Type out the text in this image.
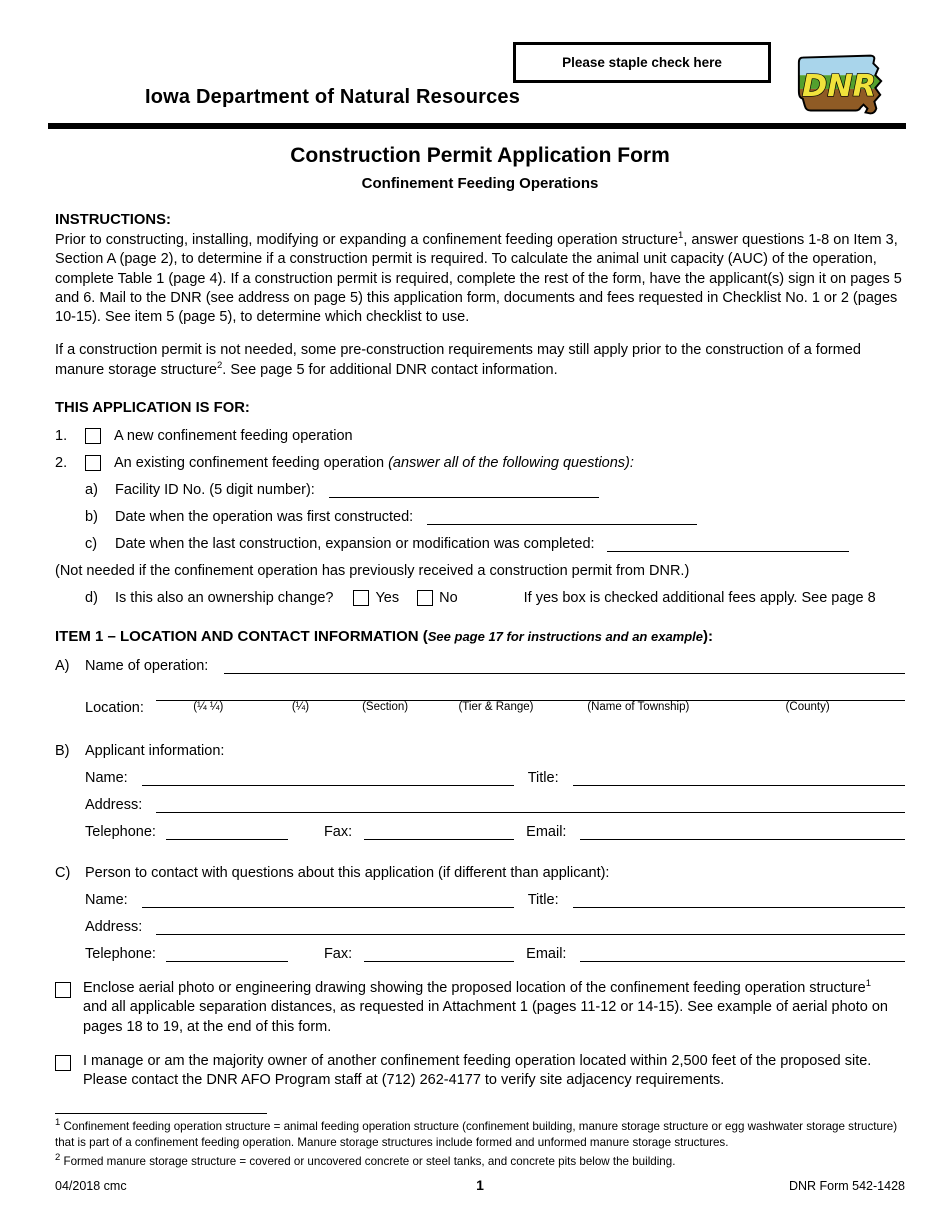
Please staple check here
Iowa Department of Natural Resources	DNR
Construction Permit Application Form
Confinement Feeding Operations
INSTRUCTIONS:

Prior to constructing, installing, modifying or expanding a confinement feeding operation structure$^1$, answer questions 1-8 on Item 3, Section A (page 2), to determine if a construction permit is required. To calculate the animal unit capacity (AUC) of the operation, complete Table 1 (page 4). If a construction permit is required, complete the rest of the form, have the applicant(s) sign it on pages 5 and 6. Mail to the DNR (see address on page 5) this application form, documents and fees requested in Checklist No. 1 or 2 (pages 10-15). See item 5 (page 5), to determine which checklist to use.

If a construction permit is not needed, some pre-construction requirements may still apply prior to the construction of a formed manure storage structure$^2$. See page 5 for additional DNR contact information.

THIS APPLICATION IS FOR:
1.	A new confinement feeding operation
2.	An existing confinement feeding operation (answer all of the following questions):
a)	Facility ID No. (5 digit number):
b)	Date when the operation was first constructed:
c)	Date when the last construction, expansion or modification was completed:
(Not needed if the confinement operation has previously received a construction permit from DNR.)
d)	Is this also an ownership change?	Yes	No	If yes box is checked additional fees apply. See page 8
ITEM 1 – LOCATION AND CONTACT INFORMATION (See page 17 for instructions and an example):
A)	Name of operation:
Location:	(¼ ¼)	(¼)	(Section)	(Tier & Range)	(Name of Township)	(County)
B)	Applicant information:
Name:	Title:
Address:
Telephone:	Fax:	Email:
C)	Person to contact with questions about this application (if different than applicant):
Name:	Title:
Address:
Telephone:	Fax:	Email:
Enclose aerial photo or engineering drawing showing the proposed location of the confinement feeding operation structure$^1$ and all applicable separation distances, as requested in Attachment 1 (pages 11-12 or 14-15). See example of aerial photo on pages 18 to 19, at the end of this form.
I manage or am the majority owner of another confinement feeding operation located within 2,500 feet of the proposed site. Please contact the DNR AFO Program staff at (712) 262-4177 to verify site adjacency requirements.
$^1$ Confinement feeding operation structure = animal feeding operation structure (confinement building, manure storage structure or egg washwater storage structure) that is part of a confinement feeding operation. Manure storage structures include formed and unformed manure storage structures.
$^2$ Formed manure storage structure = covered or uncovered concrete or steel tanks, and concrete pits below the building.
04/2018 cmc	1	DNR Form 542-1428
